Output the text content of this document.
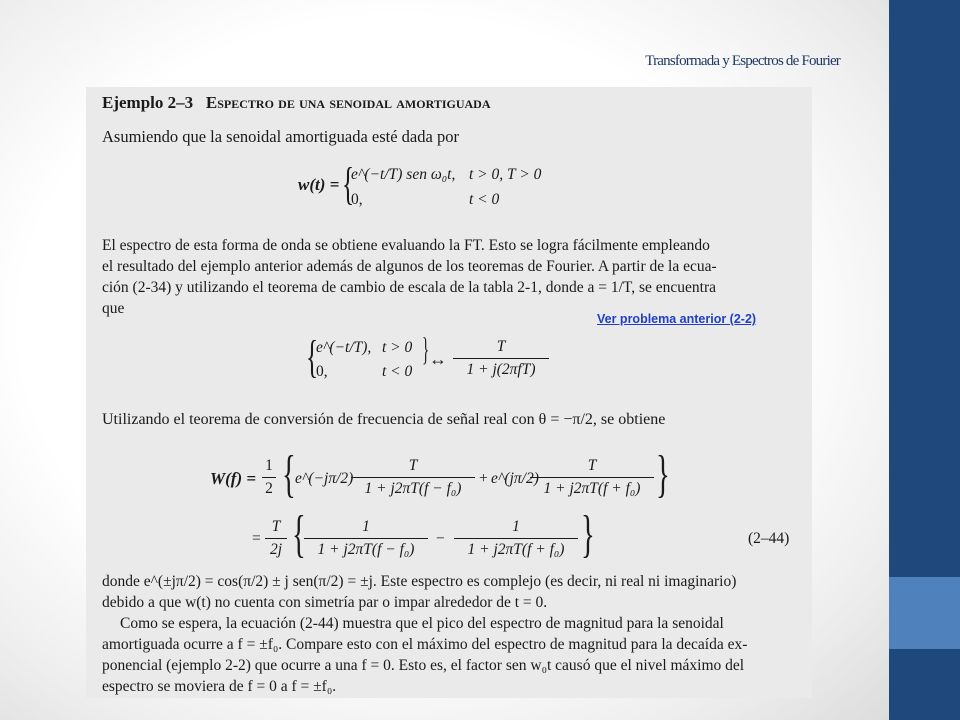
Transformada y Espectros de Fourier
Ejemplo 2–3 Espectro de una senoidal amortiguada
Asumiendo que la senoidal amortiguada esté dada por
w(t) = {
e^(−t/T) sen ω₀t, t > 0, T > 0
0,	t < 0
El espectro de esta forma de onda se obtiene evaluando la FT. Esto se logra fácilmente empleando
el resultado del ejemplo anterior además de algunos de los teoremas de Fourier. A partir de la ecua-
ción (2-34) y utilizando el teorema de cambio de escala de la tabla 2-1, donde a = 1/T, se encuentra
que
Ver problema anterior (2-2)
{
e^(−t/T), t > 0
0,	t < 0
} ↔
T
1 + j(2πfT)
Utilizando el teorema de conversión de frecuencia de señal real con θ = −π/2, se obtiene
$W(f) = \frac{1}{2}$ { e^(−jπ/2)
$\frac{T}{\text{1 + j2πT(f − f₀)}}$ + e^(jπ/2)
$\frac{T}{\text{1 + j2πT(f + f₀)}}$ }
= $\frac{T}{2j}$ {
$\frac{1}{\text{1 + j2πT(f − f₀)}} - \frac{1}{\text{1 + j2πT(f + f₀)}}$ }	(2–44)
donde e^(±jπ/2) = cos(π/2) ± j sen(π/2) = ±j. Este espectro es complejo (es decir, ni real ni imaginario)
debido a que w(t) no cuenta con simetría par o impar alrededor de t = 0.
Como se espera, la ecuación (2-44) muestra que el pico del espectro de magnitud para la senoidal
amortiguada ocurre a f = ±f₀. Compare esto con el máximo del espectro de magnitud para la decaída ex-
ponencial (ejemplo 2-2) que ocurre a una f = 0. Esto es, el factor sen w₀t causó que el nivel máximo del
espectro se moviera de f = 0 a f = ±f₀.
